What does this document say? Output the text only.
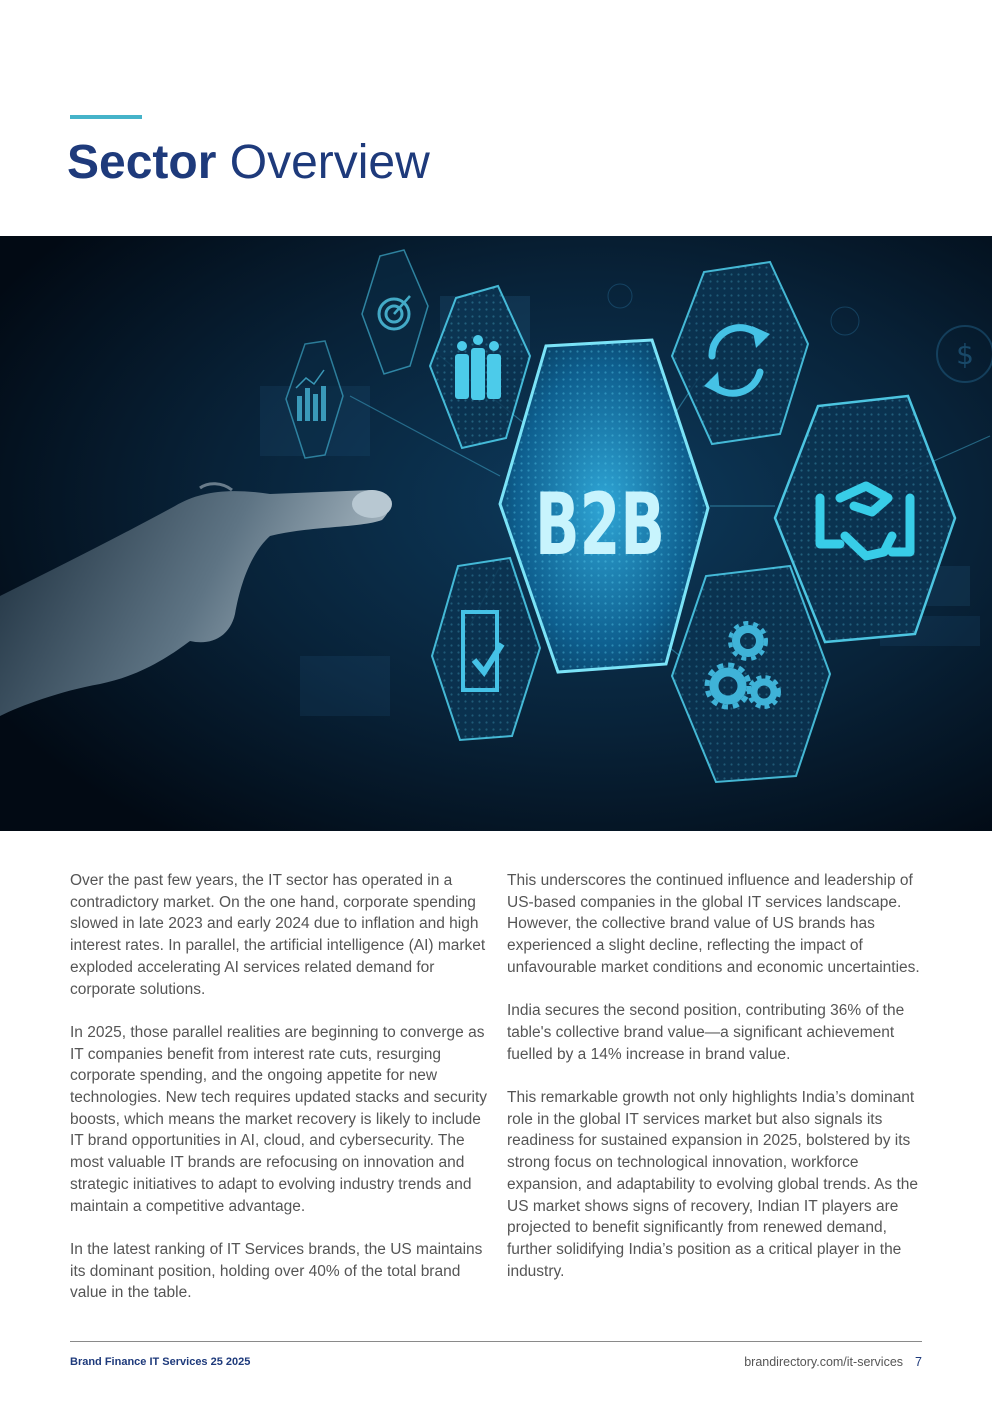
Sector Overview
$
B2B

Over the past few years, the IT sector has operated in a contradictory market. On the one hand, corporate spending slowed in late 2023 and early 2024 due to inflation and high interest rates. In parallel, the artificial intelligence (AI) market exploded accelerating AI services related demand for corporate solutions.

In 2025, those parallel realities are beginning to converge as IT companies benefit from interest rate cuts, resurging corporate spending, and the ongoing appetite for new technologies. New tech requires updated stacks and security boosts, which means the market recovery is likely to include IT brand opportunities in AI, cloud, and cybersecurity. The most valuable IT brands are refocusing on innovation and strategic initiatives to adapt to evolving industry trends and maintain a competitive advantage.

In the latest ranking of IT Services brands, the US maintains its dominant position, holding over 40% of the total brand value in the table.

This underscores the continued influence and leadership of US-based companies in the global IT services landscape. However, the collective brand value of US brands has experienced a slight decline, reflecting the impact of unfavourable market conditions and economic uncertainties.

India secures the second position, contributing 36% of the table's collective brand value—a significant achievement fuelled by a 14% increase in brand value.

This remarkable growth not only highlights India’s dominant role in the global IT services market but also signals its readiness for sustained expansion in 2025, bolstered by its strong focus on technological innovation, workforce expansion, and adaptability to evolving global trends. As the US market shows signs of recovery, Indian IT players are projected to benefit significantly from renewed demand, further solidifying India’s position as a critical player in the industry.

Brand Finance IT Services 25 2025	brandirectory.com/it-services 7
